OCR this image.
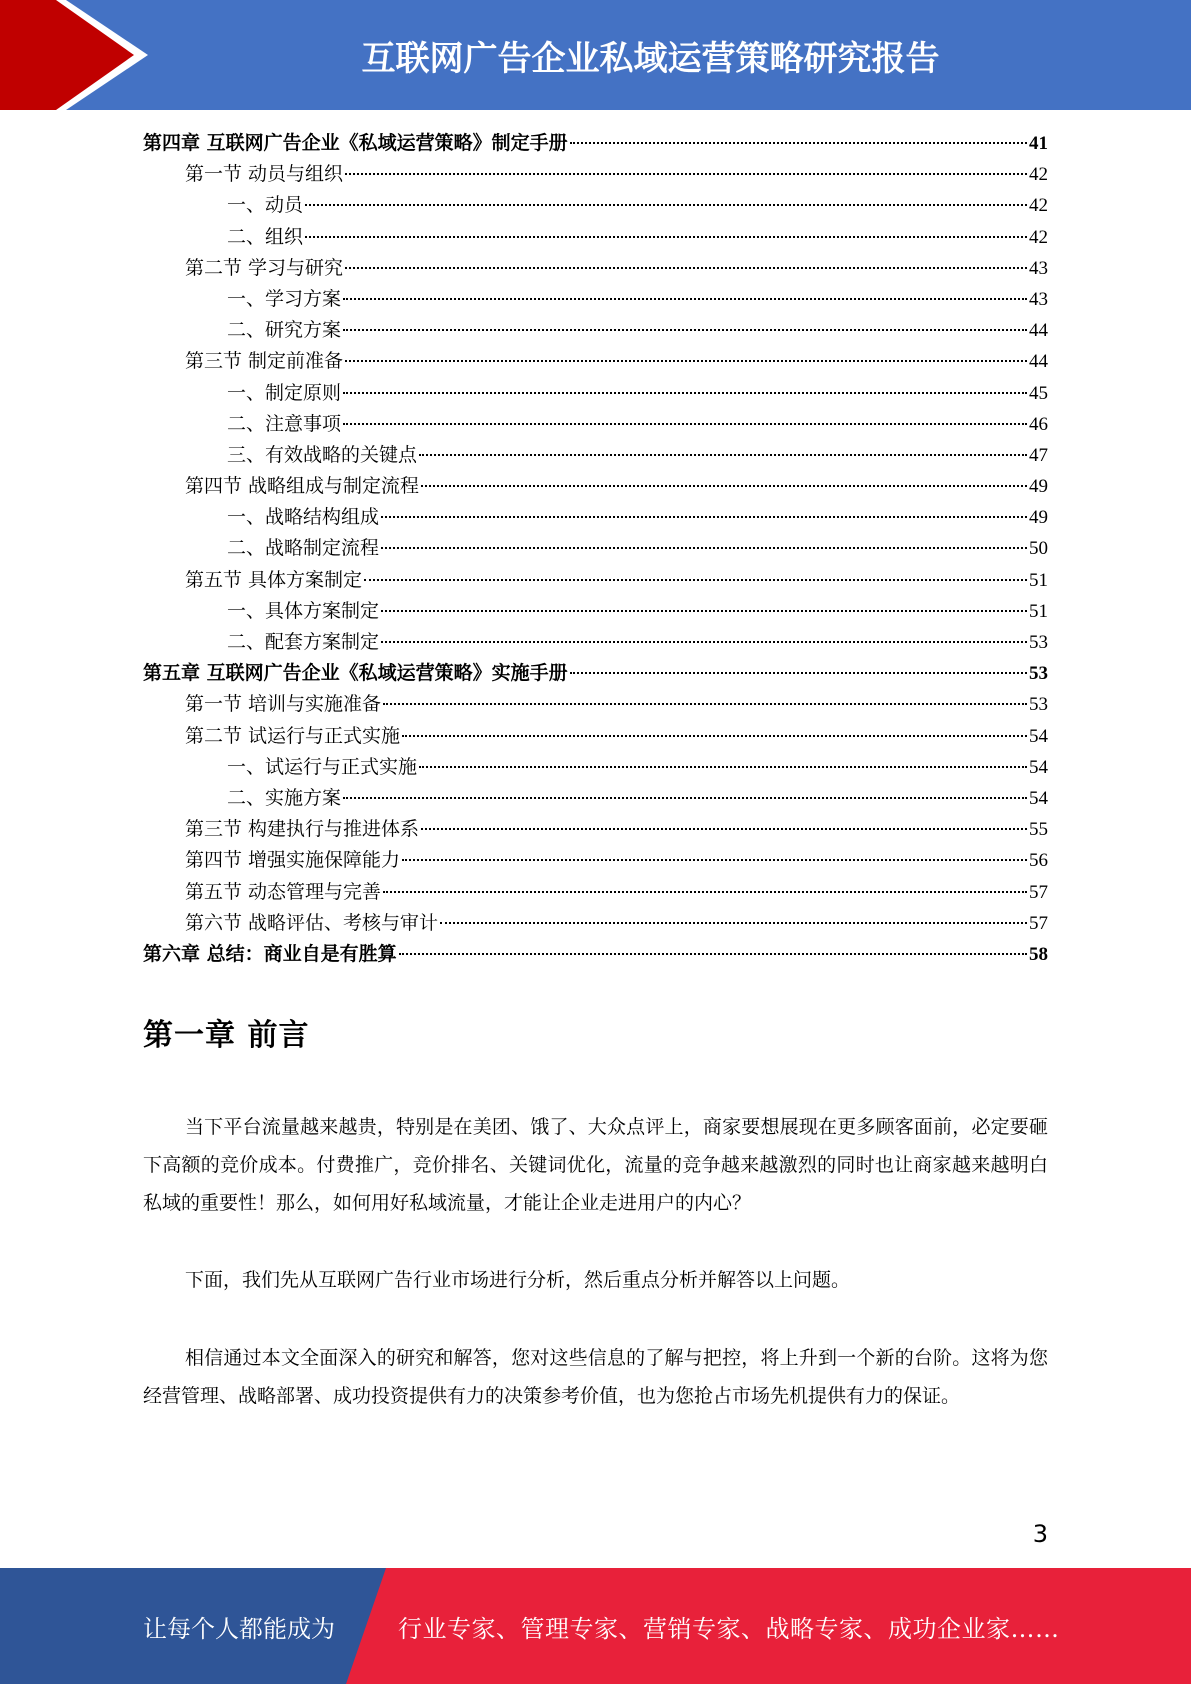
互联网广告企业私域运营策略研究报告
第四章 互联网广告企业《私域运营策略》制定手册	41
第一节 动员与组织	42
一、动员	42
二、组织	42
第二节 学习与研究	43
一、学习方案	43
二、研究方案	44
第三节 制定前准备	44
一、制定原则	45
二、注意事项	46
三、有效战略的关键点	47
第四节 战略组成与制定流程	49
一、战略结构组成	49
二、战略制定流程	50
第五节 具体方案制定	51
一、具体方案制定	51
二、配套方案制定	53
第五章 互联网广告企业《私域运营策略》实施手册	53
第一节 培训与实施准备	53
第二节 试运行与正式实施	54
一、试运行与正式实施	54
二、实施方案	54
第三节 构建执行与推进体系	55
第四节 增强实施保障能力	56
第五节 动态管理与完善	57
第六节 战略评估、考核与审计	57
第六章 总结：商业自是有胜算	58
第一章 前言

当下平台流量越来越贵，特别是在美团、饿了、大众点评上，商家要想展现在更多顾客面前，必定要砸下高额的竞价成本。付费推广，竞价排名、关键词优化，流量的竞争越来越激烈的同时也让商家越来越明白私域的重要性！那么，如何用好私域流量，才能让企业走进用户的内心？

下面，我们先从互联网广告行业市场进行分析，然后重点分析并解答以上问题。

相信通过本文全面深入的研究和解答，您对这些信息的了解与把控，将上升到一个新的台阶。这将为您经营管理、战略部署、成功投资提供有力的决策参考价值，也为您抢占市场先机提供有力的保证。

3
让每个人都能成为	行业专家、管理专家、营销专家、战略专家、成功企业家……
